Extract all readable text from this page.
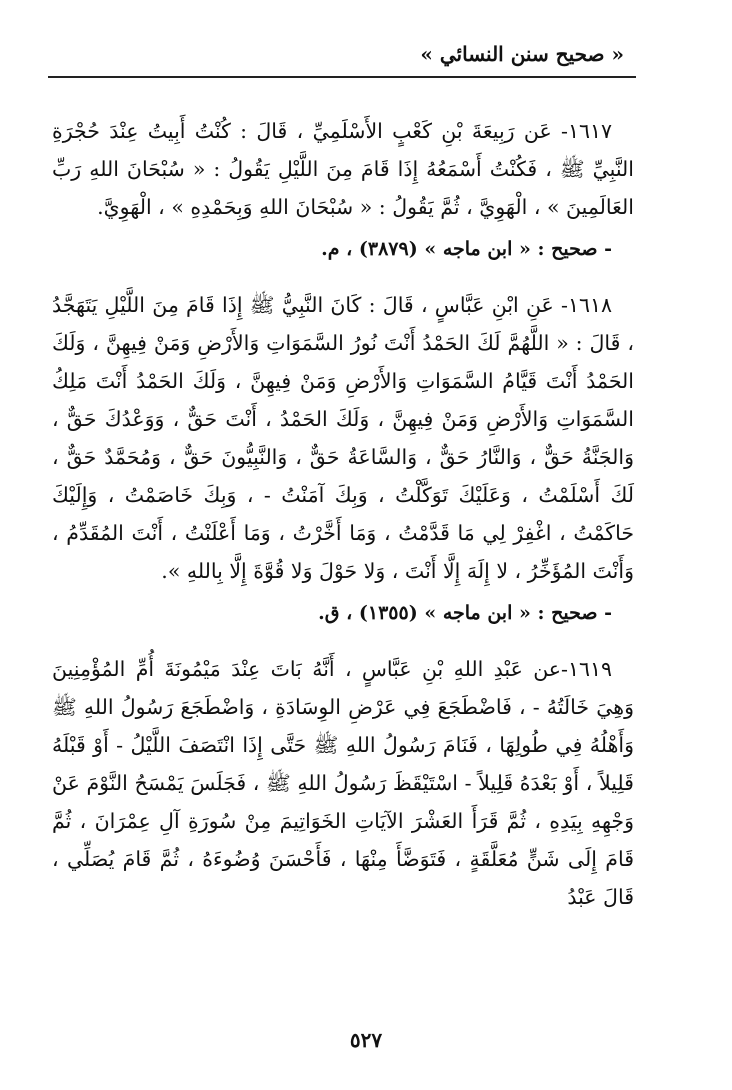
« صحيح سنن النسائي »

١٦١٧- عَن رَبِيعَةَ بْنِ كَعْبٍ الأَسْلَمِيِّ ، قَالَ : كُنْتُ أَبِيتُ عِنْدَ حُجْرَةِ النَّبِيِّ ﷺ ، فَكُنْتُ أَسْمَعُهُ إِذَا قَامَ مِنَ اللَّيْلِ يَقُولُ : « سُبْحَانَ اللهِ رَبِّ العَالَمِينَ » ، الْهَوِيَّ ، ثُمَّ يَقُولُ : « سُبْحَانَ اللهِ وَبِحَمْدِهِ » ، الْهَوِيَّ.

- صحيح : « ابن ماجه » (٣٨٧٩) ، م.

١٦١٨- عَنِ ابْنِ عَبَّاسٍ ، قَالَ : كَانَ النَّبِيُّ ﷺ إِذَا قَامَ مِنَ اللَّيْلِ يَتَهَجَّدُ ، قَالَ : « اللَّهُمَّ لَكَ الحَمْدُ أَنْتَ نُورُ السَّمَوَاتِ وَالأَرْضِ وَمَنْ فِيهِنَّ ، وَلَكَ الحَمْدُ أَنْتَ قَيَّامُ السَّمَوَاتِ وَالأَرْضِ وَمَنْ فِيهِنَّ ، وَلَكَ الحَمْدُ أَنْتَ مَلِكُ السَّمَوَاتِ وَالأَرْضِ وَمَنْ فِيهِنَّ ، وَلَكَ الحَمْدُ ، أَنْتَ حَقٌّ ، وَوَعْدُكَ حَقٌّ ، وَالجَنَّةُ حَقٌّ ، وَالنَّارُ حَقٌّ ، وَالسَّاعَةُ حَقٌّ ، وَالنَّبِيُّونَ حَقٌّ ، وَمُحَمَّدٌ حَقٌّ ، لَكَ أَسْلَمْتُ ، وَعَلَيْكَ تَوَكَّلْتُ ، وَبِكَ آمَنْتُ - ، وَبِكَ خَاصَمْتُ ، وَإِلَيْكَ حَاكَمْتُ ، اغْفِرْ لِي مَا قَدَّمْتُ ، وَمَا أَخَّرْتُ ، وَمَا أَعْلَنْتُ ، أَنْتَ المُقَدِّمُ ، وَأَنْتَ المُؤَخِّرُ ، لا إِلَهَ إِلَّا أَنْتَ ، وَلا حَوْلَ وَلا قُوَّةَ إِلَّا بِاللهِ ».

- صحيح : « ابن ماجه » (١٣٥٥) ، ق.

١٦١٩-عن عَبْدِ اللهِ بْنِ عَبَّاسٍ ، أَنَّهُ بَاتَ عِنْدَ مَيْمُونَةَ أُمِّ المُؤْمِنِينَ وَهِيَ خَالَتُهُ - ، فَاضْطَجَعَ فِي عَرْضِ الوِسَادَةِ ، وَاضْطَجَعَ رَسُولُ اللهِ ﷺ وَأَهْلُهُ فِي طُولِهَا ، فَنَامَ رَسُولُ اللهِ ﷺ حَتَّى إِذَا انْتَصَفَ اللَّيْلُ - أَوْ قَبْلَهُ قَلِيلاً ، أَوْ بَعْدَهُ قَلِيلاً - اسْتَيْقَظَ رَسُولُ اللهِ ﷺ ، فَجَلَسَ يَمْسَحُ النَّوْمَ عَنْ وَجْهِهِ بِيَدِهِ ، ثُمَّ قَرَأَ العَشْرَ الآيَاتِ الخَوَاتِيمَ مِنْ سُورَةِ آلِ عِمْرَانَ ، ثُمَّ قَامَ إِلَى شَنٍّ مُعَلَّقَةٍ ، فَتَوَضَّأَ مِنْهَا ، فَأَحْسَنَ وُضُوءَهُ ، ثُمَّ قَامَ يُصَلِّي ، قَالَ عَبْدُ

٥٢٧
